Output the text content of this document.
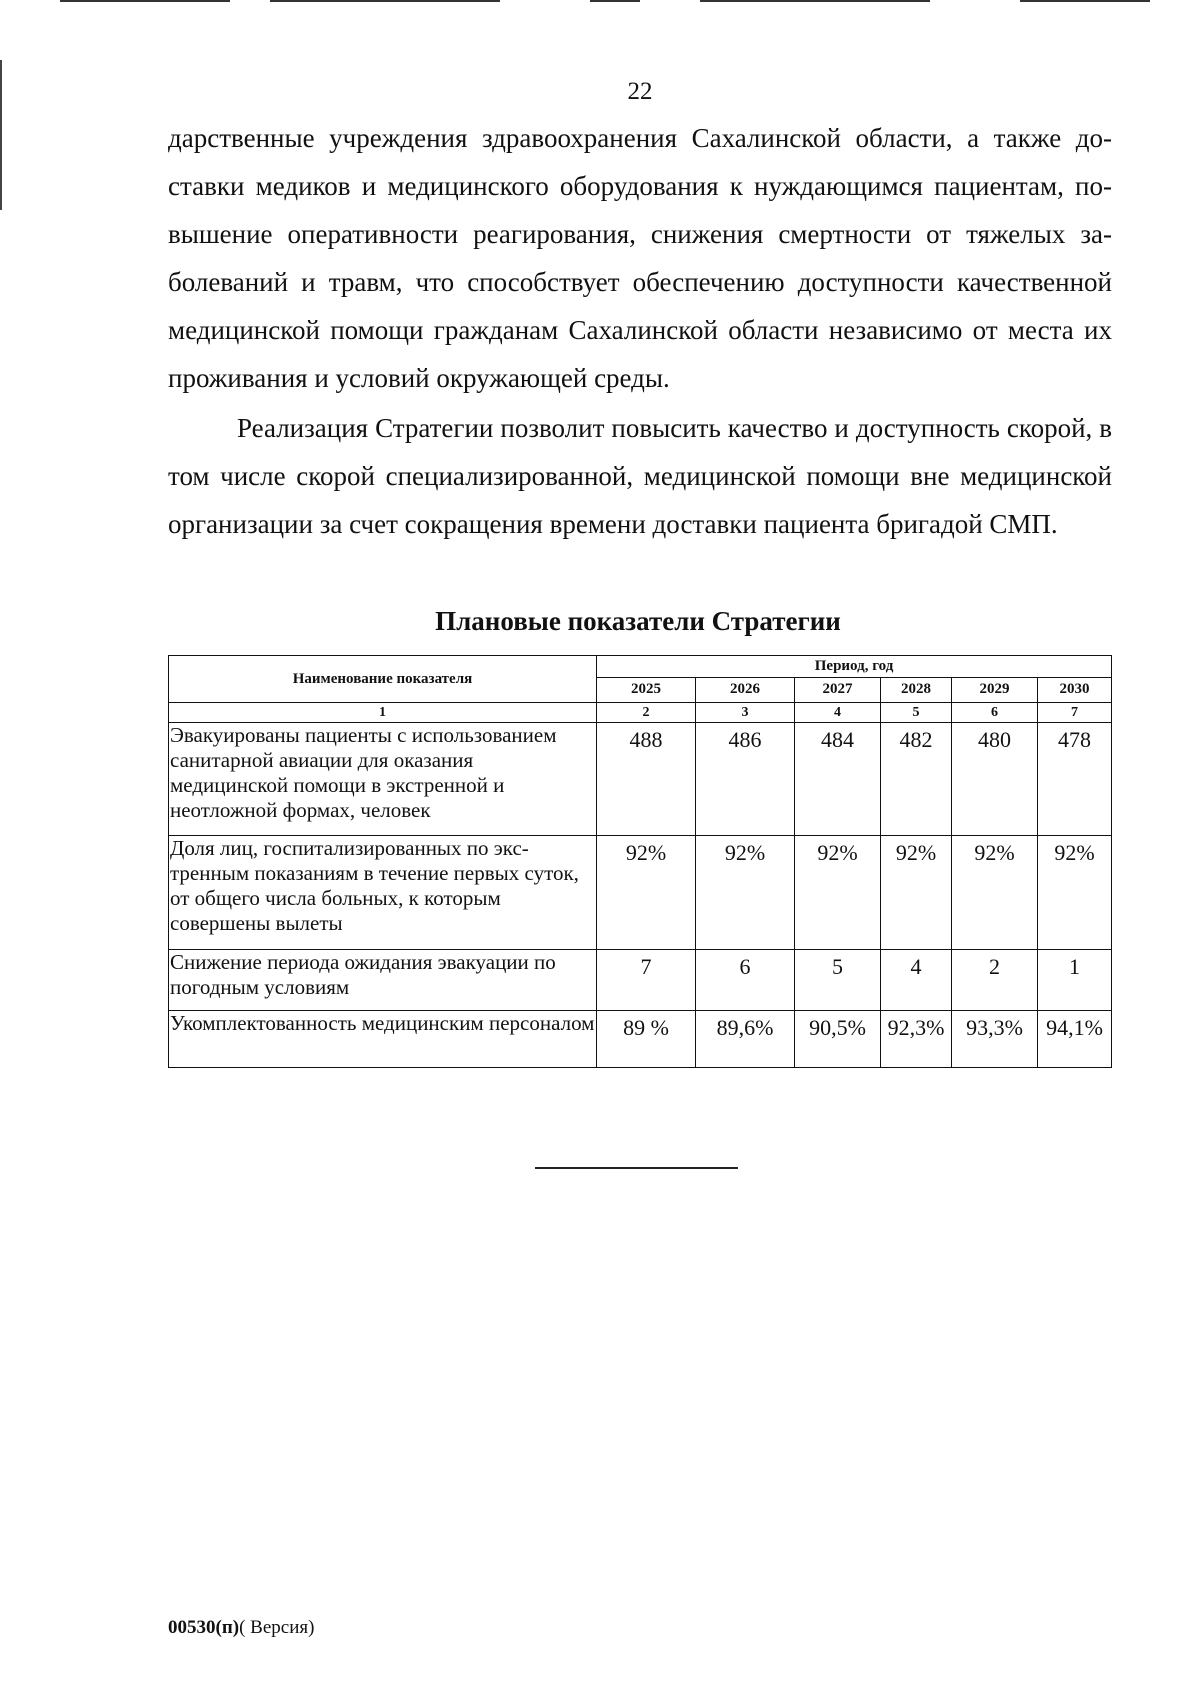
22

дарственные учреждения здравоохранения Сахалинской области, а также доставки медиков и медицинского оборудования к нуждающимся пациентам, повышение оперативности реагирования, снижения смертности от тяжелых заболеваний и травм, что способствует обеспечению доступности качественной медицинской помощи гражданам Сахалинской области независимо от места их проживания и условий окружающей среды.

Реализация Стратегии позволит повысить качество и доступность скорой, в том числе скорой специализированной, медицинской помощи вне медицинской организации за счет сокращения времени доставки пациента бригадой СМП.

Плановые показатели Стратегии
Наименование показателя	Период, год					
	2025	2026	2027	2028	2029	2030
1	2	3	4	5	6	7
Эвакуированы пациенты с использованием санитарной авиации для оказания медицинской помощи в экстренной и неотложной формах, человек	488	486	484	482	480	478
Доля лиц, госпитализированных по экстренным показаниям в течение первых суток, от общего числа больных, к которым совершены вылеты	92%	92%	92%	92%	92%	92%
Снижение периода ожидания эвакуации по погодным условиям	7	6	5	4	2	1
Укомплектованность медицинским персоналом	89 %	89,6%	90,5%	92,3%	93,3%	94,1%
00530(п)( Версия)
